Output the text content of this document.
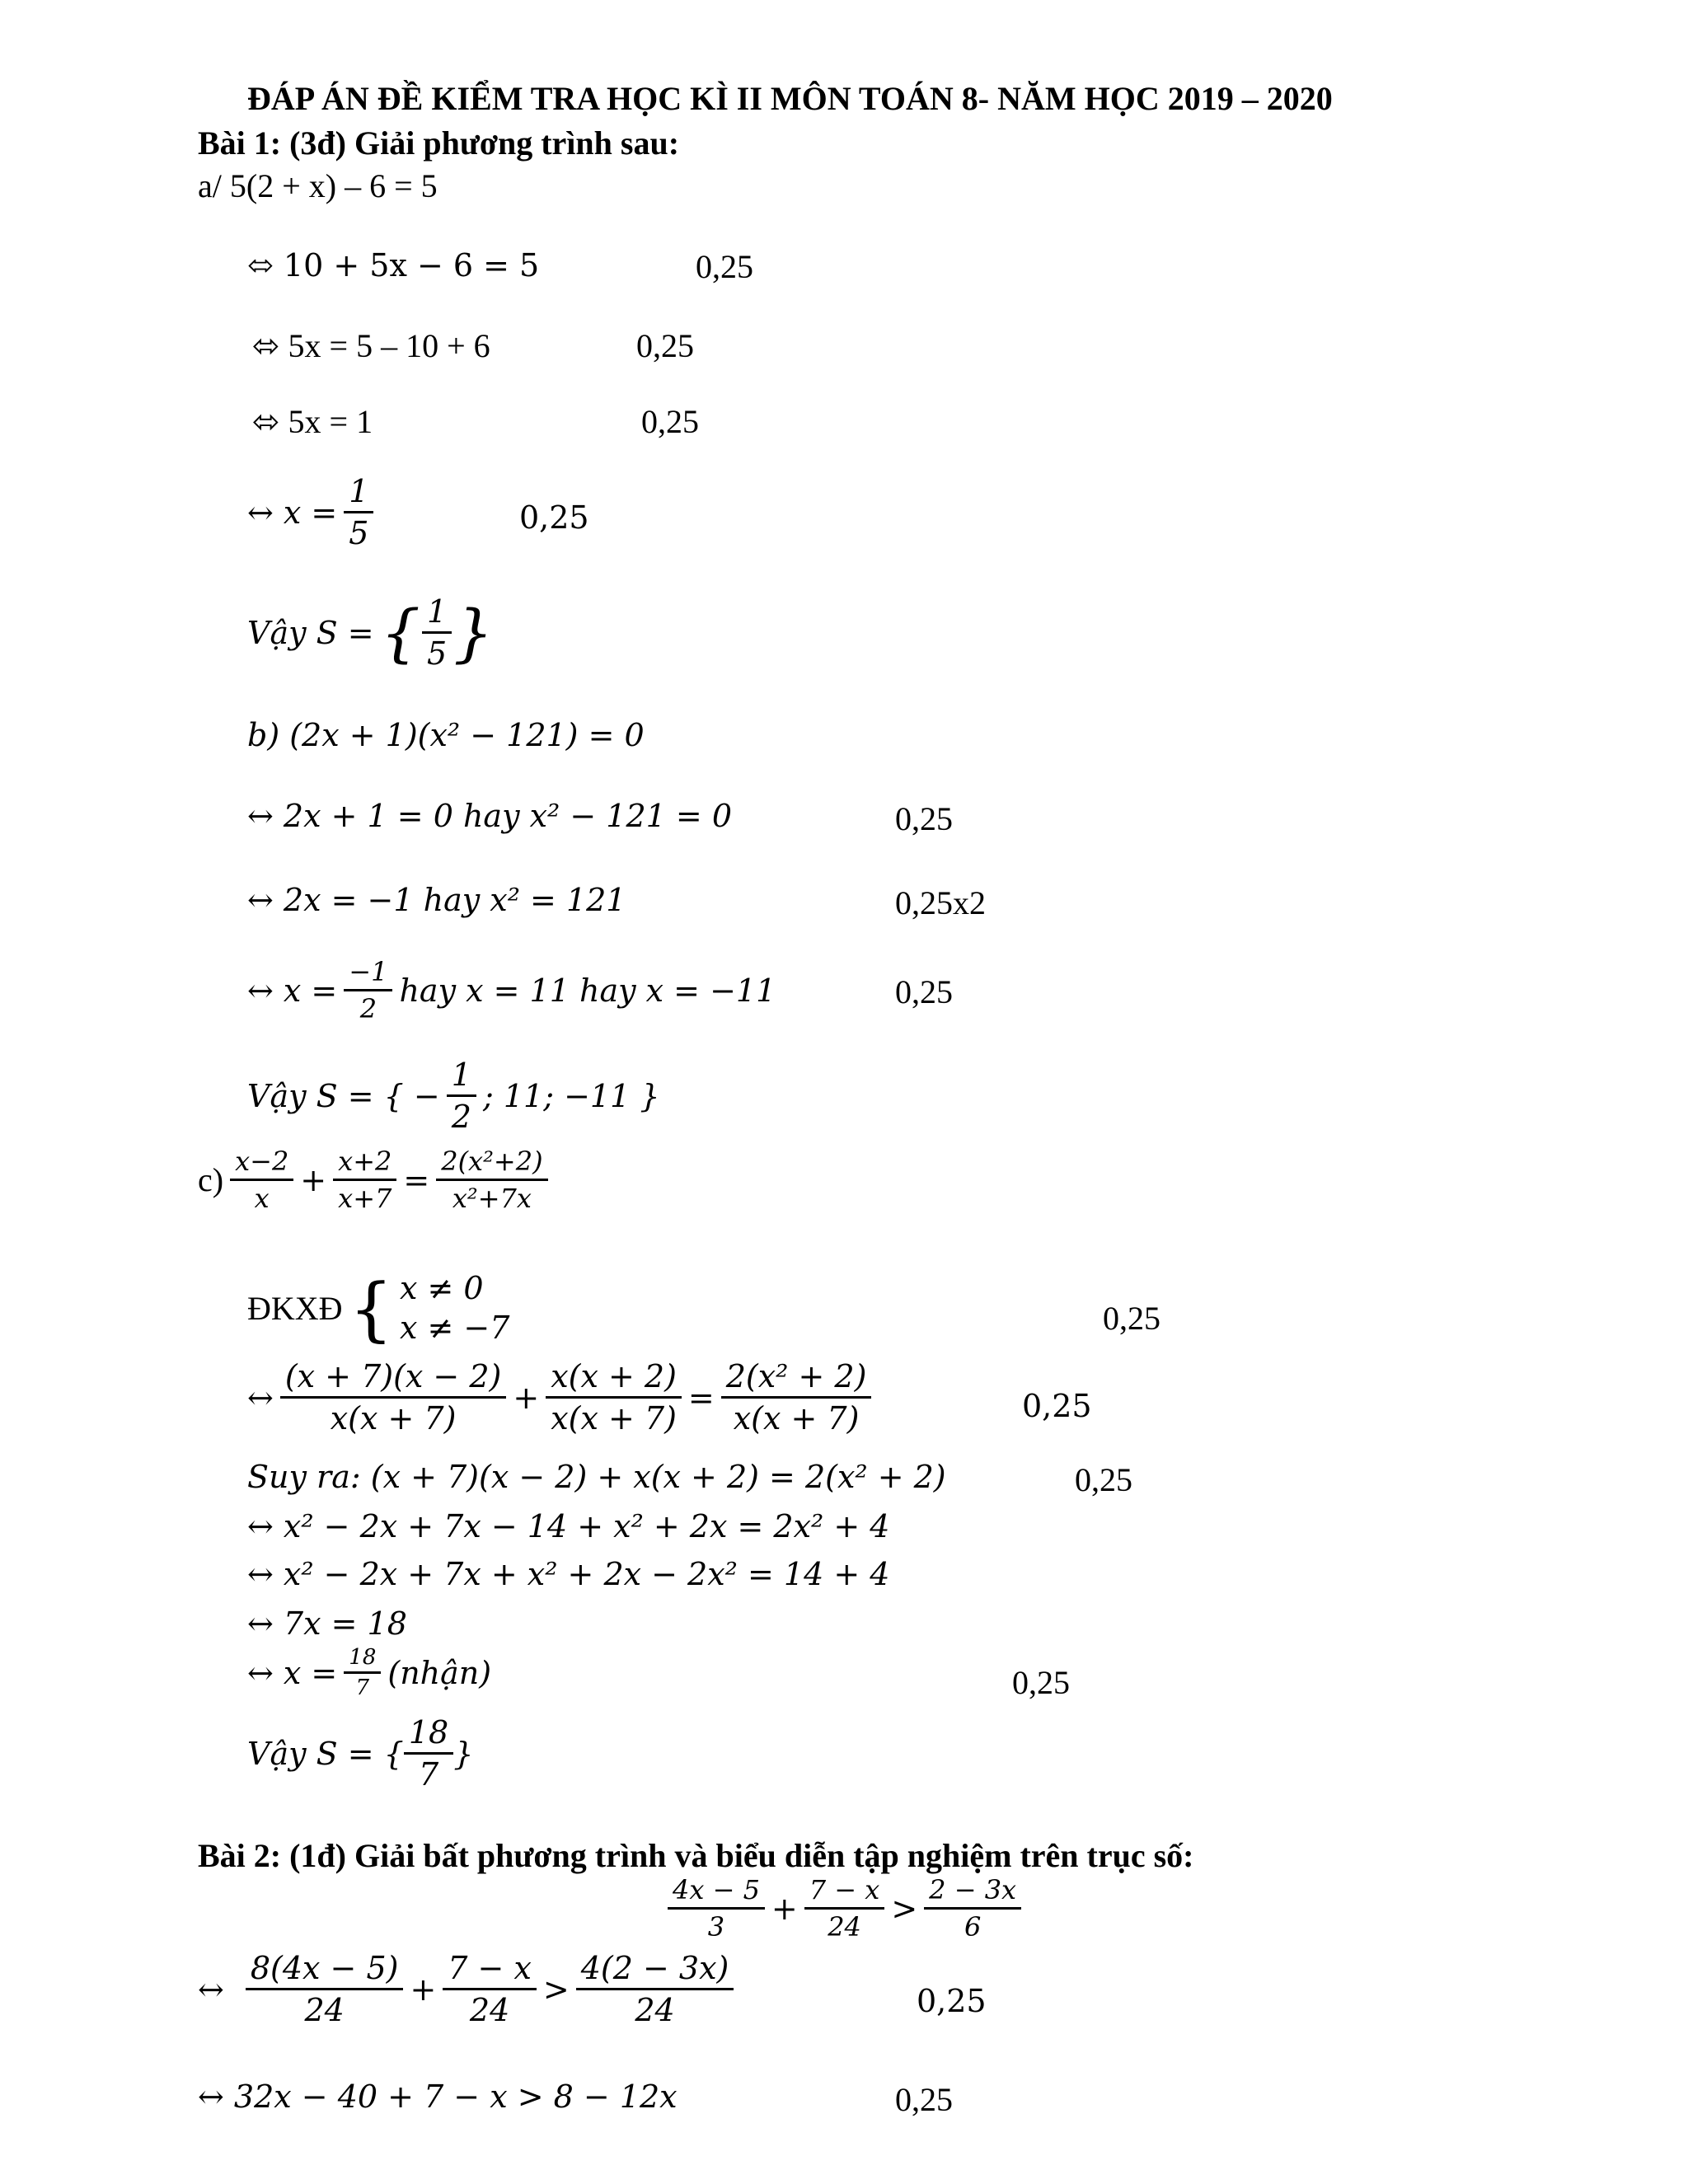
ĐÁP ÁN ĐỀ KIỂM TRA HỌC KÌ II MÔN TOÁN 8- NĂM HỌC 2019 – 2020
Bài 1: (3đ) Giải phương trình sau:
a/ 5(2 + x) – 6 = 5
⬄ 10 + 5x − 6 = 5	0,25
⬄ 5x = 5 – 10 + 6	0,25
⬄ 5x = 1	0,25
↔ $x = \frac{1}{5}$	0,25
Vậy S = { $\frac{1}{5}$ }
b) (2x + 1)(x² − 121) = 0
↔ 2x + 1 = 0 hay x² − 121 = 0	0,25
↔ 2x = −1 hay x² = 121	0,25x2
↔ $x = \frac{-1}{2}$ hay x = 11 hay x = −11	0,25
Vậy S = { − $\frac{1}{2}$ ; 11; −11 }
$c) \frac{x-2}{x} + \frac{x+2}{x+7} = \frac{\text{2(x²+2)}}{\text{x²+7x}}$
ĐKXĐ { x ≠ 0
x ≠ −7	0,25
↔ $\frac{(x + 7)(x - 2)}{x(x + 7)} + \frac{x(x + 2)}{x(x + 7)} = \frac{\text{2(x² + 2)}}{x(x + 7)}$	0,25
Suy ra: (x + 7)(x − 2) + x(x + 2) = 2(x² + 2)	0,25
↔ x² − 2x + 7x − 14 + x² + 2x = 2x² + 4
↔ x² − 2x + 7x + x² + 2x − 2x² = 14 + 4
↔ 7x = 18
↔ $x = \frac{18}{7}$ (nhận)	0,25
Vậy S = { $\frac{18}{7}$ }
Bài 2: (1đ) Giải bất phương trình và biểu diễn tập nghiệm trên trục số:
$\frac{4x - 5}{3} + \frac{7 - x}{24} > \frac{2 - 3x}{6}$
↔ $\frac{8(4x - 5)}{24} + \frac{7 - x}{24} > \frac{4(2 - 3x)}{24}$	0,25
↔ 32x − 40 + 7 − x > 8 − 12x	0,25
